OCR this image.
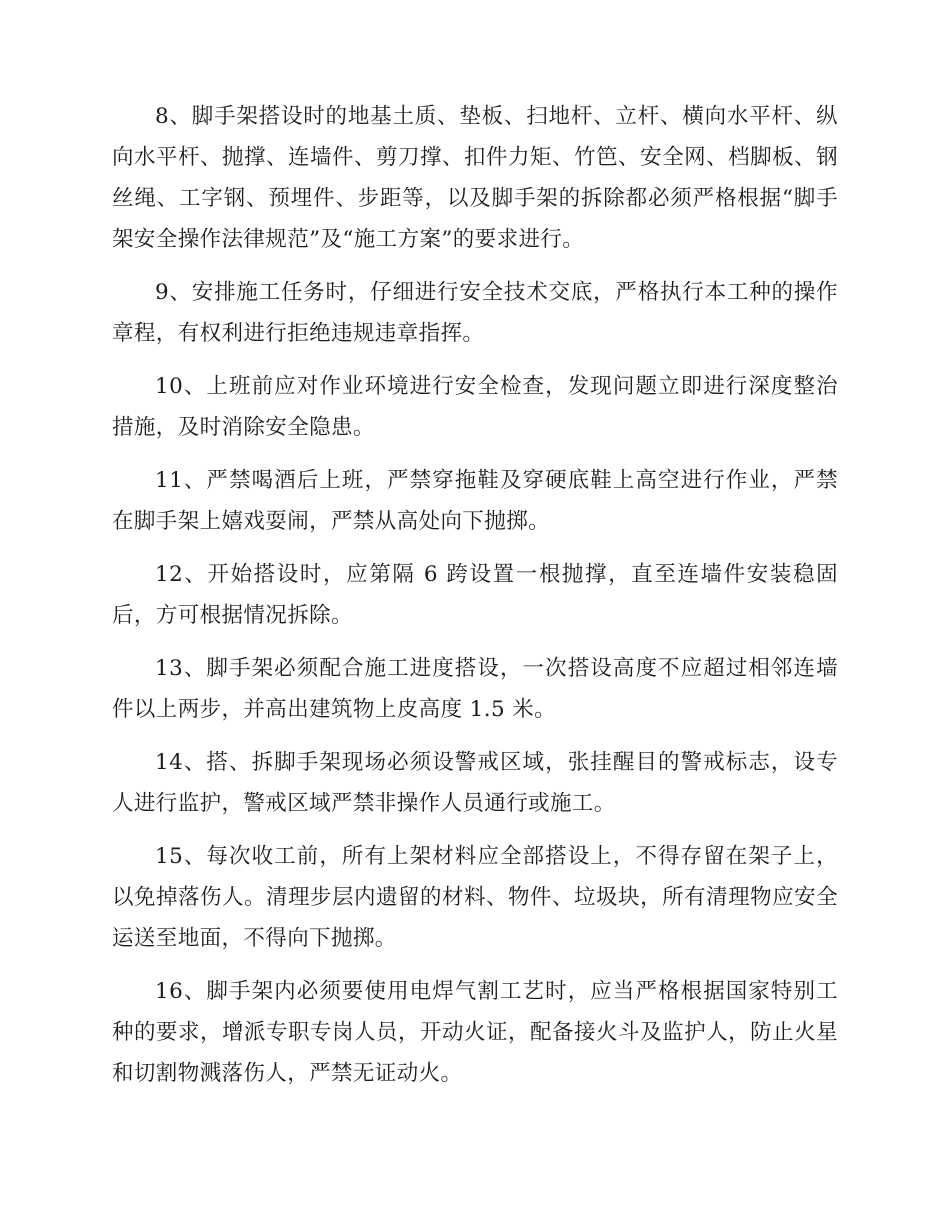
8、脚手架搭设时的地基土质、垫板、扫地杆、立杆、横向水平杆、纵向水平杆、抛撑、连墙件、剪刀撑、扣件力矩、竹笆、安全网、档脚板、钢丝绳、工字钢、预埋件、步距等，以及脚手架的拆除都必须严格根据“脚手架安全操作法律规范”及“施工方案”的要求进行。

9、安排施工任务时，仔细进行安全技术交底，严格执行本工种的操作章程，有权利进行拒绝违规违章指挥。

10、上班前应对作业环境进行安全检查，发现问题立即进行深度整治措施，及时消除安全隐患。

11、严禁喝酒后上班，严禁穿拖鞋及穿硬底鞋上高空进行作业，严禁在脚手架上嬉戏耍闹，严禁从高处向下抛掷。

12、开始搭设时，应第隔 6 跨设置一根抛撑，直至连墙件安装稳固后，方可根据情况拆除。

13、脚手架必须配合施工进度搭设，一次搭设高度不应超过相邻连墙件以上两步，并高出建筑物上皮高度 1.5 米。

14、搭、拆脚手架现场必须设警戒区域，张挂醒目的警戒标志，设专人进行监护，警戒区域严禁非操作人员通行或施工。

15、每次收工前，所有上架材料应全部搭设上，不得存留在架子上，以免掉落伤人。清理步层内遗留的材料、物件、垃圾块，所有清理物应安全运送至地面，不得向下抛掷。

16、脚手架内必须要使用电焊气割工艺时，应当严格根据国家特别工种的要求，增派专职专岗人员，开动火证，配备接火斗及监护人，防止火星和切割物溅落伤人，严禁无证动火。
